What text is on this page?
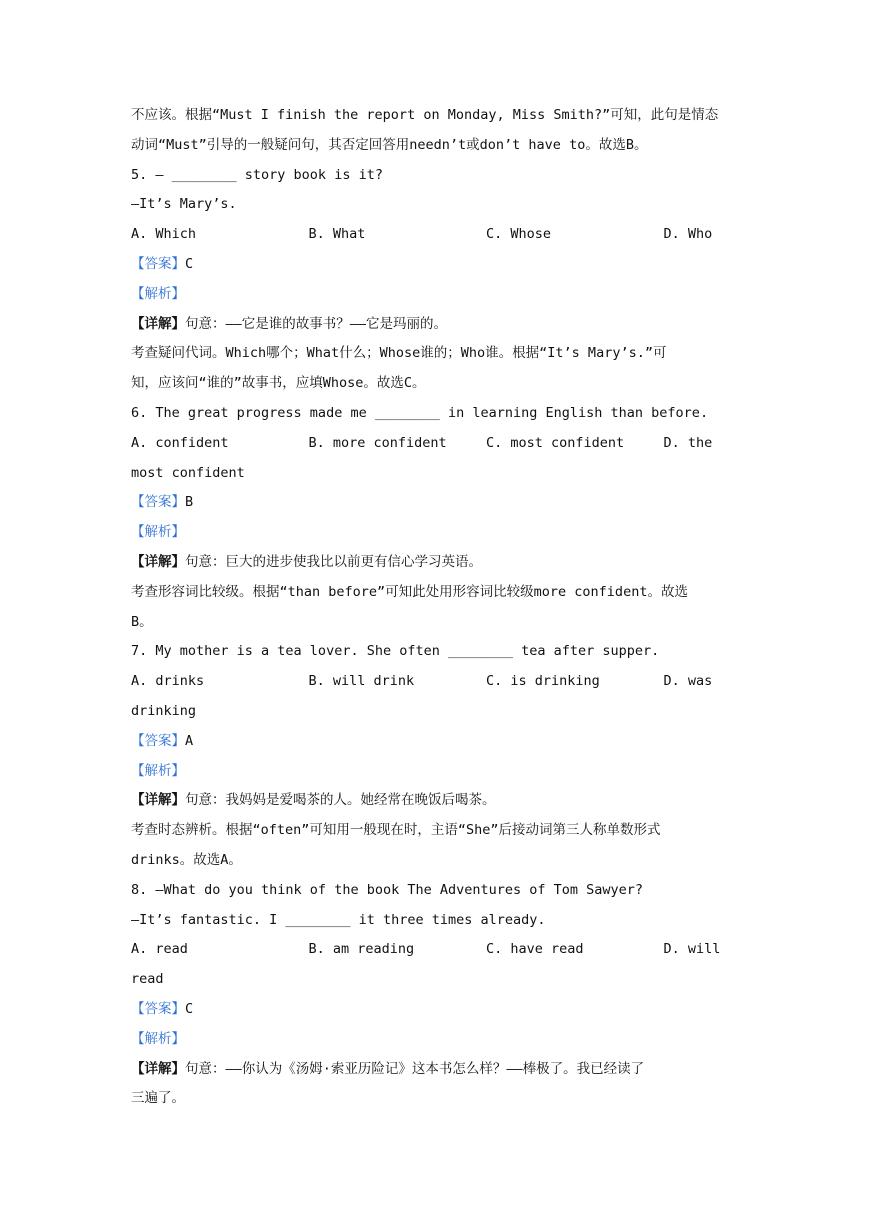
不应该。根据“Must I finish the report on Monday, Miss Smith?”可知，此句是情态
动词“Must”引导的一般疑问句，其否定回答用needn’t或don’t have to。故选B。
5. — ________ story book is it?
—It’s Mary’s.
A. Which	B. What	C. Whose	D. Who
【答案】C
【解析】
【详解】句意：——它是谁的故事书？——它是玛丽的。
考查疑问代词。Which哪个；What什么；Whose谁的；Who谁。根据“It’s Mary’s.”可
知，应该问“谁的”故事书，应填Whose。故选C。
6. The great progress made me ________ in learning English than before.
A. confident	B. more confident	C. most confident	D. the
most confident
【答案】B
【解析】
【详解】句意：巨大的进步使我比以前更有信心学习英语。
考查形容词比较级。根据“than before”可知此处用形容词比较级more confident。故选
B。
7. My mother is a tea lover. She often ________ tea after supper.
A. drinks	B. will drink	C. is drinking	D. was
drinking
【答案】A
【解析】
【详解】句意：我妈妈是爱喝茶的人。她经常在晚饭后喝茶。
考查时态辨析。根据“often”可知用一般现在时，主语“She”后接动词第三人称单数形式
drinks。故选A。
8. —What do you think of the book The Adventures of Tom Sawyer?
—It’s fantastic. I ________ it three times already.
A. read	B. am reading	C. have read	D. will
read
【答案】C
【解析】
【详解】句意：——你认为《汤姆·索亚历险记》这本书怎么样？——棒极了。我已经读了
三遍了。
